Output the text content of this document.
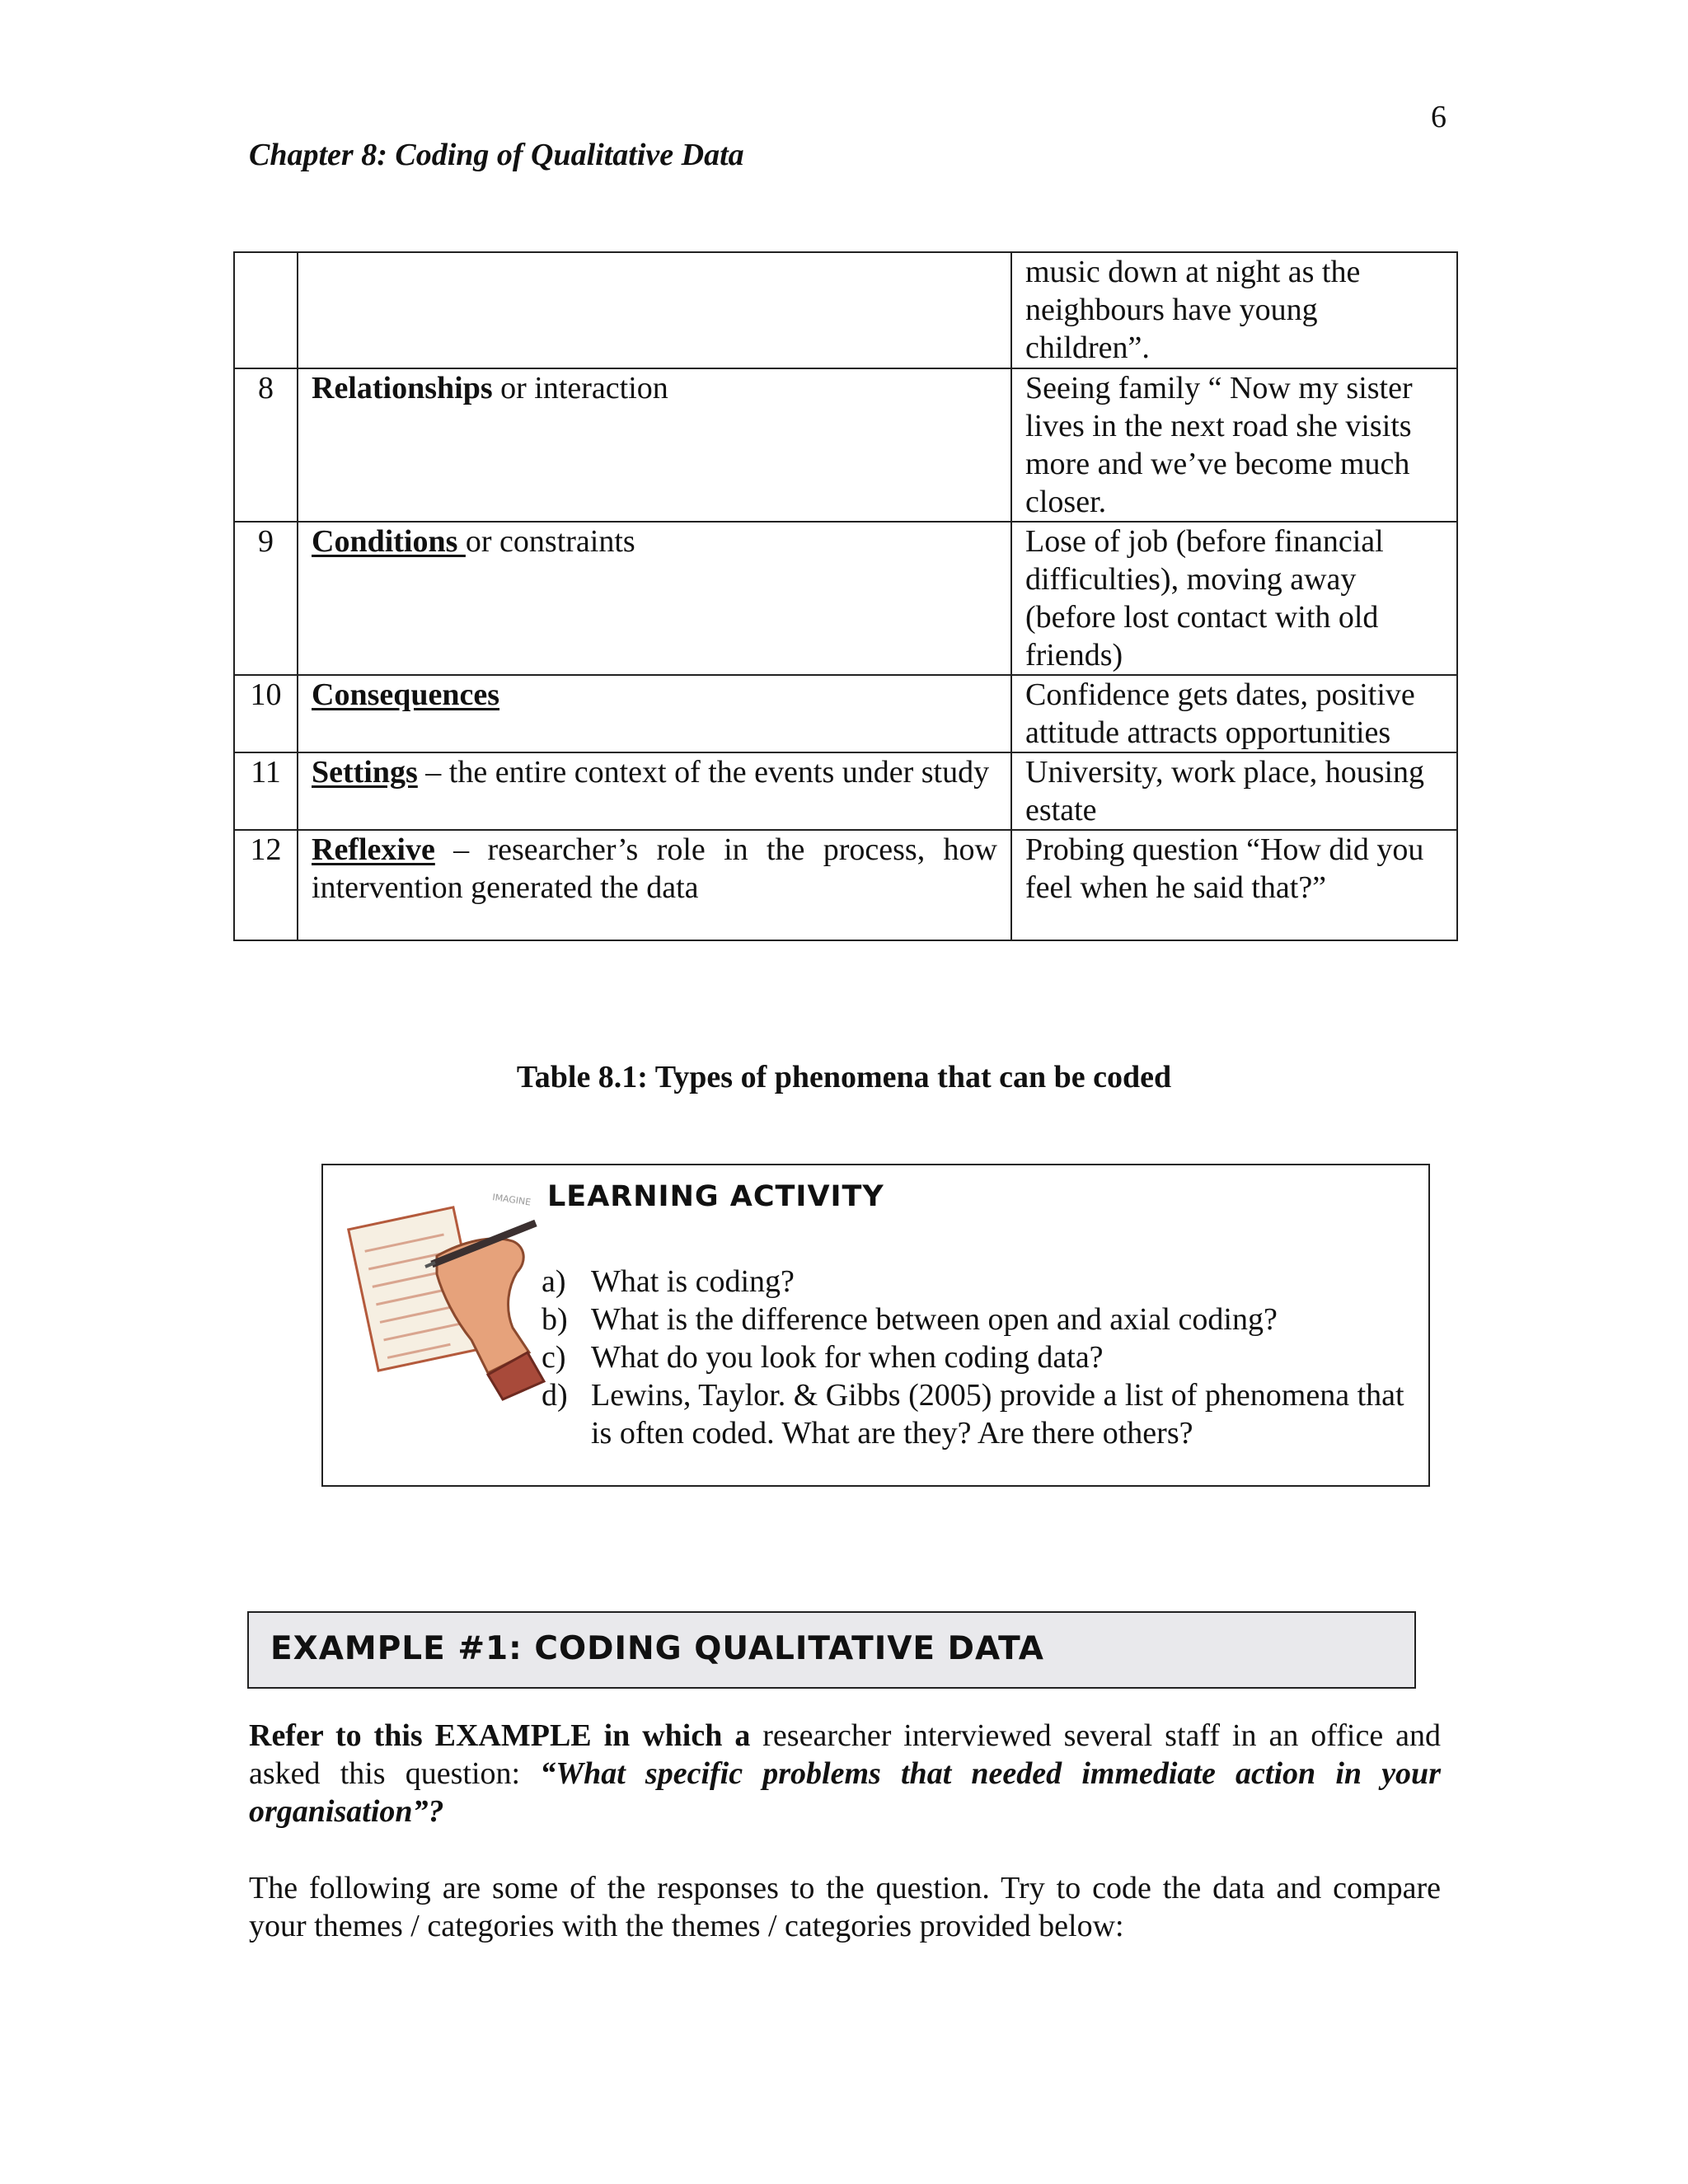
6
Chapter 8: Coding of Qualitative Data
		music down at night as the neighbours have young children”.
8	Relationships or interaction	Seeing family “ Now my sister lives in the next road she visits more and we’ve become much closer.
9	Conditions or constraints	Lose of job (before financial difficulties), moving away (before lost contact with old friends)
10	Consequences	Confidence gets dates, positive attitude attracts opportunities
11	Settings – the entire context of the events under study	University, work place, housing estate
12	Reflexive – researcher’s role in the process, how intervention generated the data	Probing question “How did you feel when he said that?”
Table 8.1: Types of phenomena that can be coded
IMAGINE LEARNING ACTIVITY
a) What is coding?
b) What is the difference between open and axial coding?
c) What do you look for when coding data?
d) Lewins, Taylor. & Gibbs (2005) provide a list of phenomena that is often coded. What are they? Are there others?
EXAMPLE #1: CODING QUALITATIVE DATA
Refer to this EXAMPLE in which a researcher interviewed several staff in an office and asked this question: “What specific problems that needed immediate action in your organisation”?
The following are some of the responses to the question. Try to code the data and compare your themes / categories with the themes / categories provided below:
